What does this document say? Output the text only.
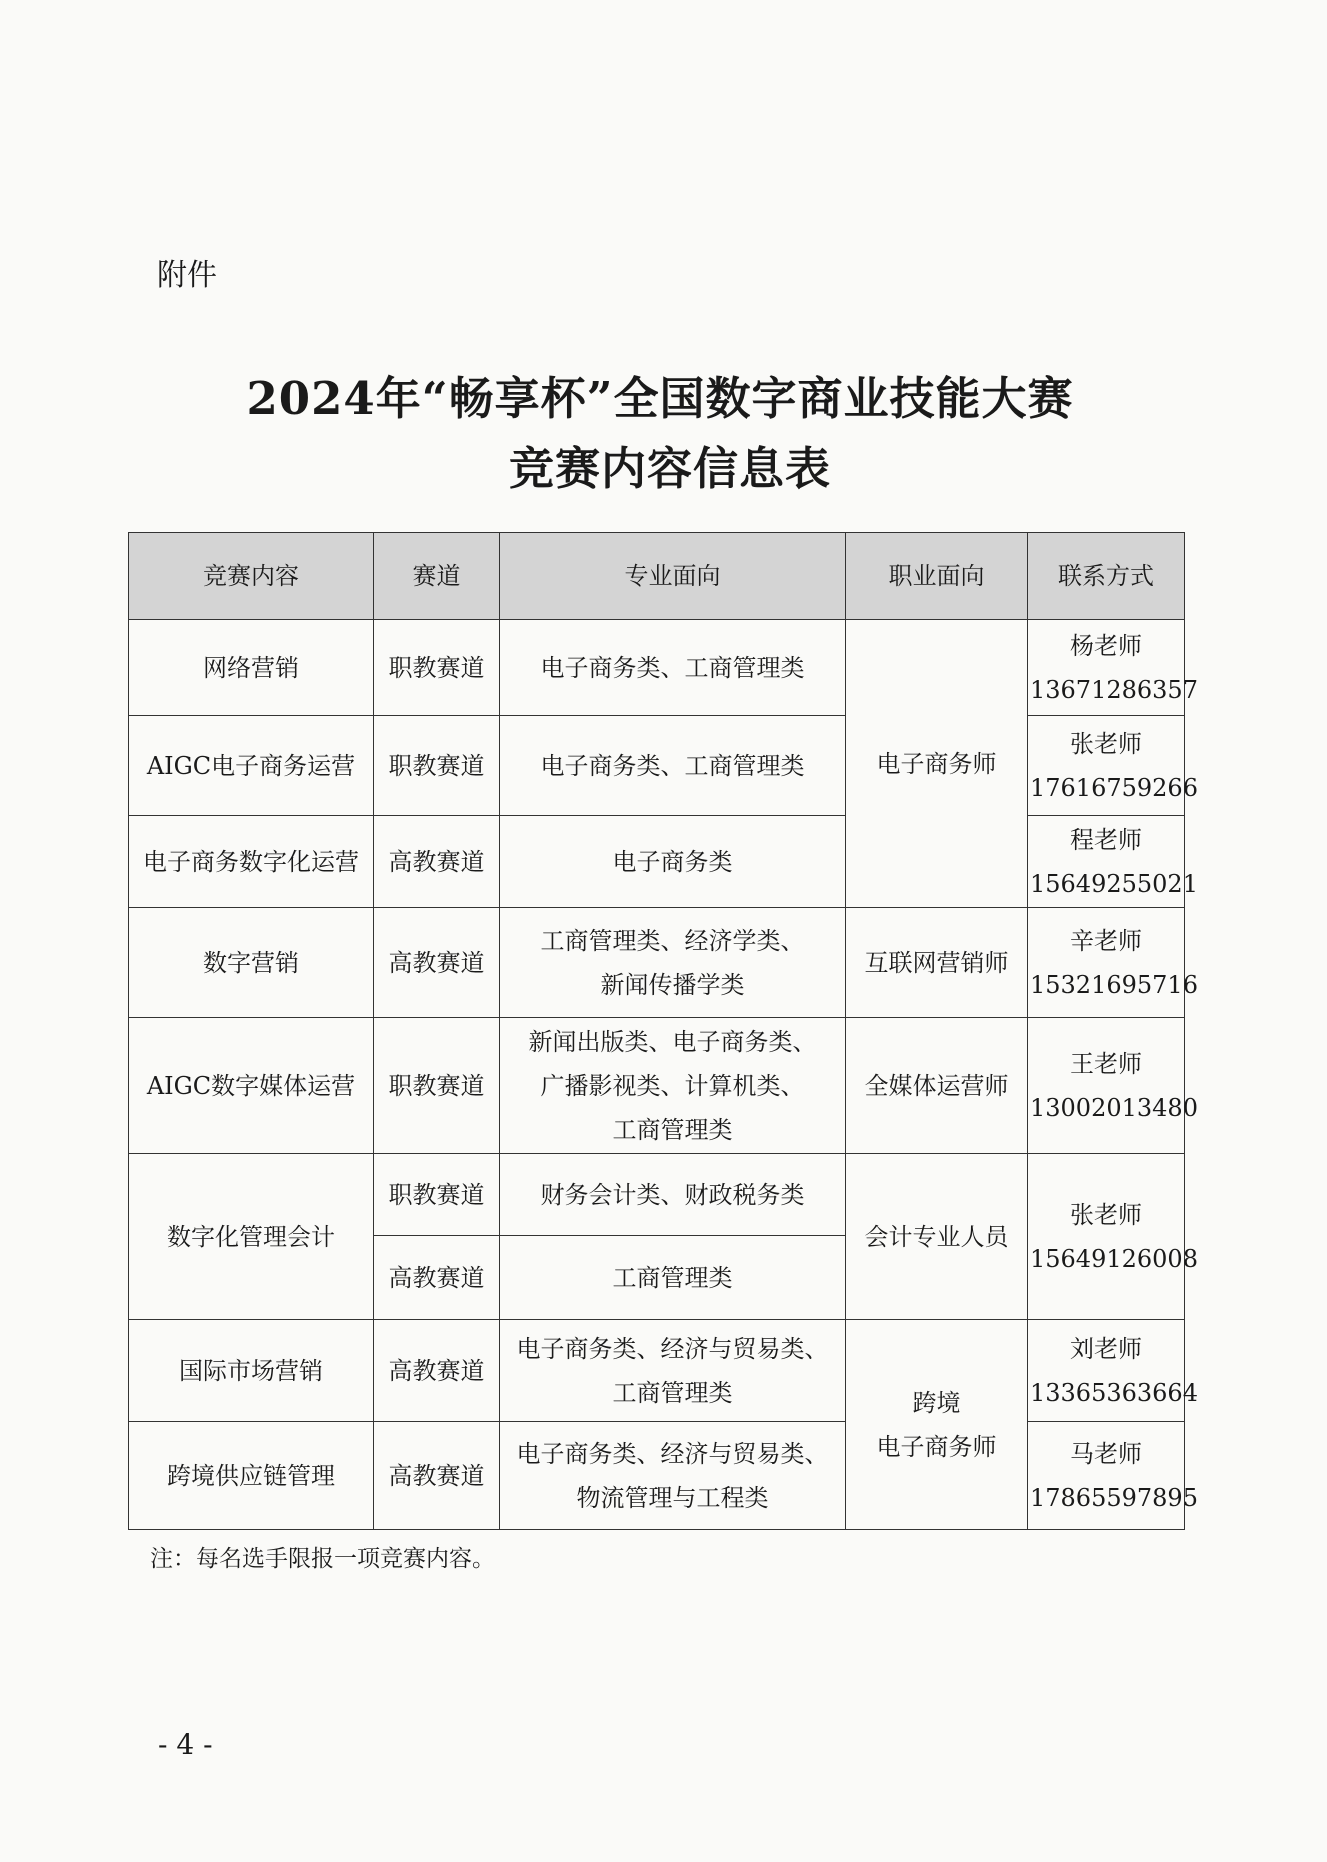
附件
2024年“畅享杯”全国数字商业技能大赛
竞赛内容信息表
竞赛内容	赛道	专业面向	职业面向	联系方式
网络营销	职教赛道	电子商务类、工商管理类	电子商务师	杨老师
13671286357

AIGC电子商务运营	职教赛道	电子商务类、工商管理类		张老师
17616759266

电子商务数字化运营	高教赛道	电子商务类		程老师
15649255021

数字营销	高教赛道	工商管理类、经济学类、
新闻传播学类	互联网营销师	辛老师
15321695716

AIGC数字媒体运营	职教赛道	新闻出版类、电子商务类、
广播影视类、计算机类、
工商管理类	全媒体运营师	王老师
13002013480

数字化管理会计	职教赛道	财务会计类、财政税务类	会计专业人员	张老师
15649126008

	高教赛道	工商管理类		

国际市场营销	高教赛道	电子商务类、经济与贸易类、
工商管理类	跨境
电子商务师	刘老师
13365363664

跨境供应链管理	高教赛道	电子商务类、经济与贸易类、
物流管理与工程类		马老师
17865597895
注：每名选手限报一项竞赛内容。
- 4 -
